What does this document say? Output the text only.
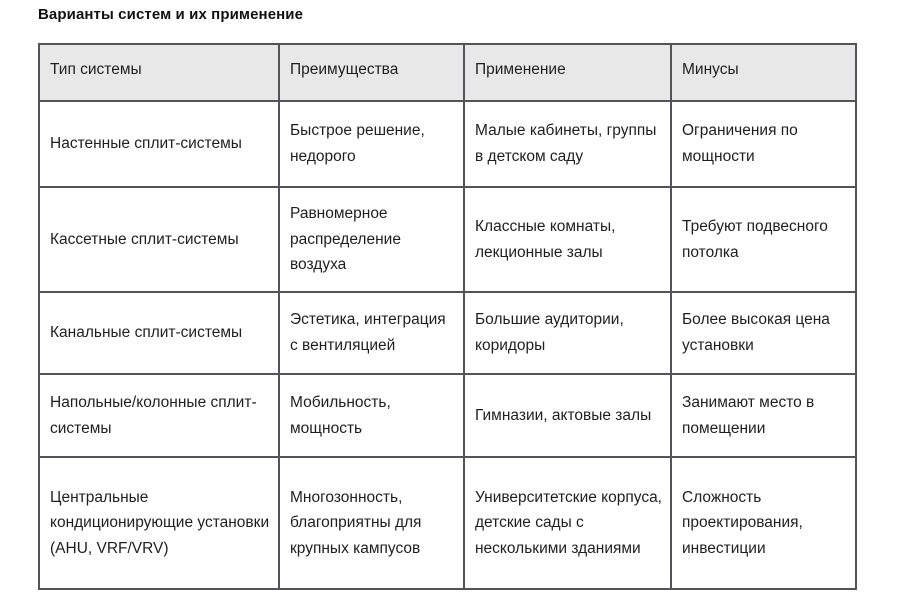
Варианты систем и их применение
Тип системы	Преимущества	Применение	Минусы
Настенные сплит-системы	Быстрое решение, недорого	Малые кабинеты, группы в детском саду	Ограничения по мощности
Кассетные сплит-системы	Равномерное распределение воздуха	Классные комнаты, лекционные залы	Требуют подвесного потолка
Канальные сплит-системы	Эстетика, интеграция с вентиляцией	Большие аудитории, коридоры	Более высокая цена установки
Напольные/колонные сплит-системы	Мобильность, мощность	Гимназии, актовые залы	Занимают место в помещении
Центральные кондиционирующие установки (AHU, VRF/VRV)	Многозонность, благоприятны для крупных кампусов	Университетские корпуса, детские сады с несколькими зданиями	Сложность проектирования, инвестиции
